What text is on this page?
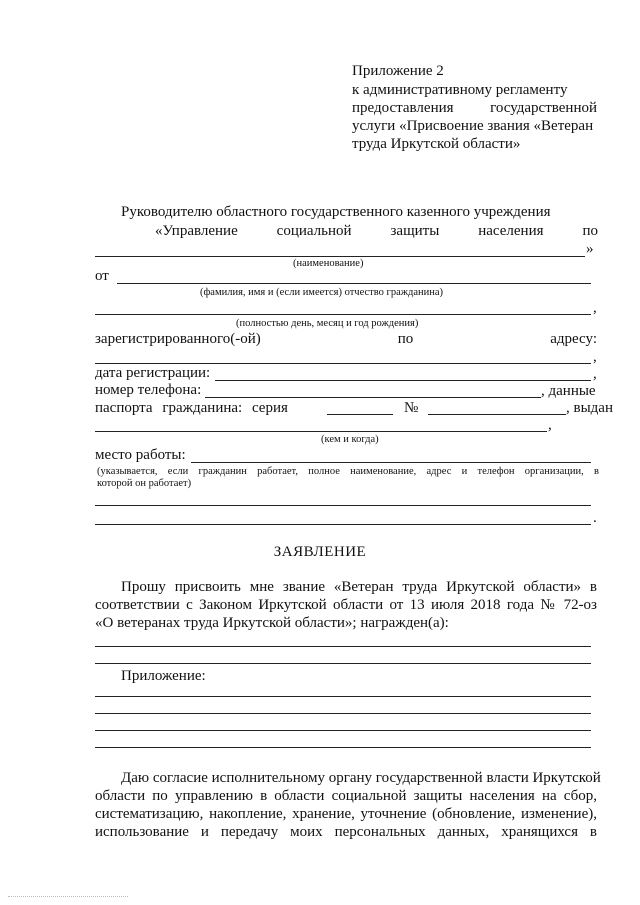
Приложение 2
к административному регламенту
предоставления государственной
услуги «Присвоение звания «Ветеран
труда Иркутской области»
Руководителю областного государственного казенного учреждения
«Управление	социальной	защиты	населения	по
»
(наименование)
от
(фамилия, имя и (если имеется) отчество гражданина)
,
(полностью день, месяц и год рождения)
зарегистрированного(-ой)	по	адресу:
,
дата регистрации:	,
номер телефона:	, данные
паспорта гражданина: серия	№	, выдан
,
(кем и когда)
место работы:
(указывается, если гражданин работает, полное наименование, адрес и телефон организации, в
которой он работает)
.
ЗАЯВЛЕНИЕ
Прошу присвоить мне звание «Ветеран труда Иркутской области» в
соответствии с Законом Иркутской области от 13 июля 2018 года № 72-оз
«О ветеранах труда Иркутской области»; награжден(а):
Приложение:
Даю согласие исполнительному органу государственной власти Иркутской
области по управлению в области социальной защиты населения на сбор,
систематизацию, накопление, хранение, уточнение (обновление, изменение),
использование и передачу моих персональных данных, хранящихся в
